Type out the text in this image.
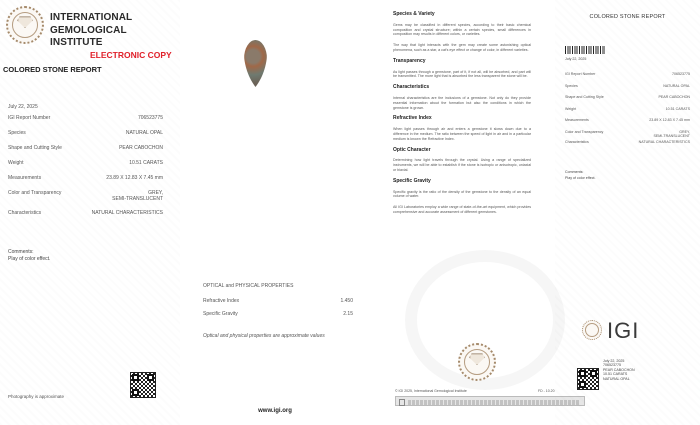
INTERNATIONAL
GEMOLOGICAL
INSTITUTE
ELECTRONIC COPY
COLORED STONE REPORT
July 22, 2025
IGI Report Number	706523775
Species	NATURAL OPAL
Shape and Cutting Style	PEAR CABOCHON
Weight	10.51 CARATS
Measurements	23.89 X 12.83 X 7.45 mm
Color and Transparency	GREY,
SEMI-TRANSLUCENT
Characteristics	NATURAL CHARACTERISTICS
Comments:
Play of color effect.
Photography is approximate
OPTICAL and PHYSICAL PROPERTIES
Refractive Index	1.450
Specific Gravity	2.15
Optical and physical properties are approximate values
www.igi.org
Species & Variety

Gems may be classified in different species, according to their basic chemical composition and crystal structure; within a certain species, small differences in composition may results in different colors, or varieties.

The way that light interacts with the gem may create some astonishing optical phenomena, such as a star, a cat's eye effect or change of color, in different varieties.

Transparency

As light passes through a gemstone, part of it, if not all, will be absorbed, and part will be transmitted. The more light that is absorbed the less transparent the stone will be.

Characteristics

Internal characteristics are the inclusions of a gemstone. Not only do they provide essential information about the formation but also the conditions in which the gemstone is grown.

Refractive Index

When light passes through air and enters a gemstone it slows down due to a difference in the medium. The ratio between the speed of light in air and in a particular medium is known the Refractive Index.

Optic Character

Determining how light travels through the crystal. Using a range of specialized instruments, we will be able to establish if the stone is isotropic or anisotropic, uniaxial or biaxial.

Specific Gravity

Specific gravity is the ratio of the density of the gemstone to the density of an equal volume of water.

All IGI Laboratories employ a wide range of state-of-the-art equipment, which provides comprehensive and accurate assessment of different gemstones.

© IGI 2025, International Gemological Institute	FD - 10.20
COLORED STONE REPORT
July 22, 2025
IGI Report Number	706523775
Species	NATURAL OPAL
Shape and Cutting Style	PEAR CABOCHON
Weight	10.51 CARATS
Measurements	23.89 X 12.83 X 7.45 mm
Color and Transparency	GREY,
SEMI-TRANSLUCENT
Characteristics	NATURAL CHARACTERISTICS
Comments:
Play of color effect.
IGI
July 22, 2025
706523775
PEAR CABOCHON
10.51 CARATS
NATURAL OPAL
